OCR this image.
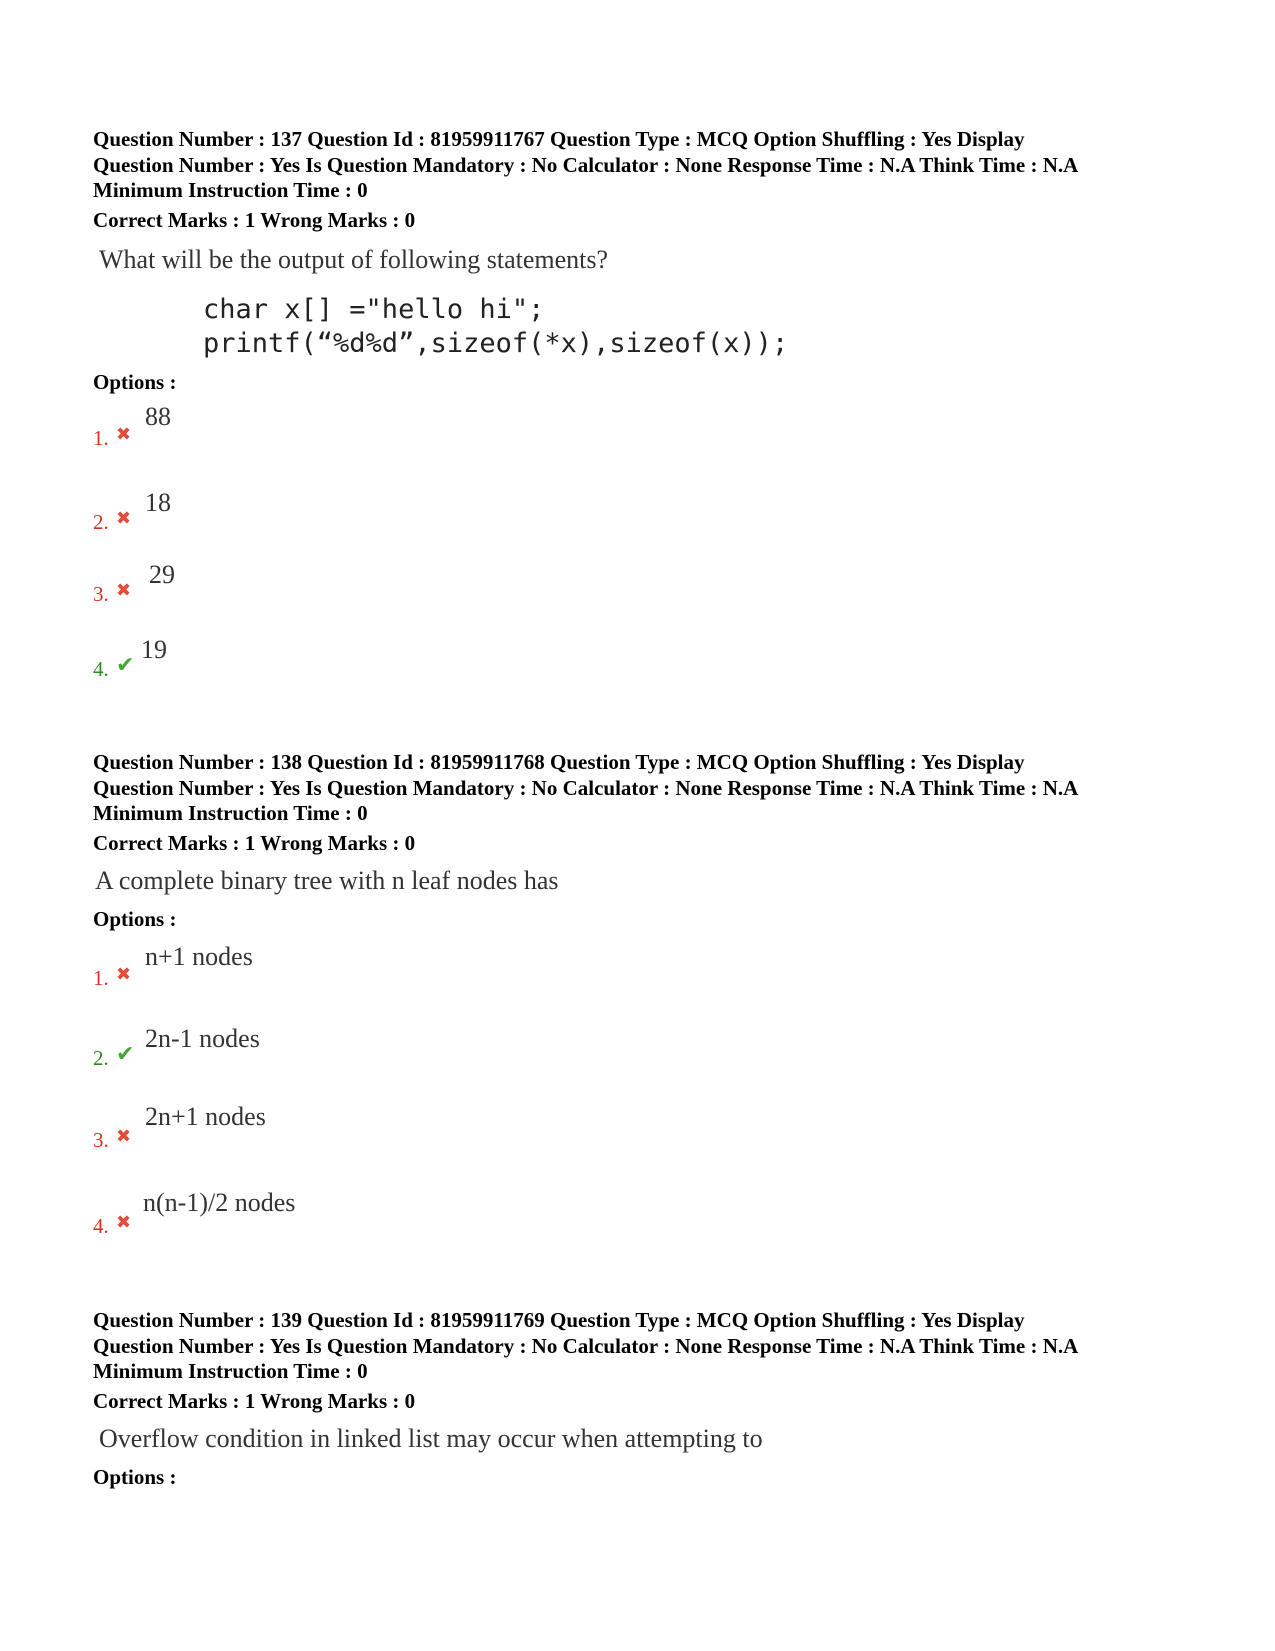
Question Number : 137 Question Id : 81959911767 Question Type : MCQ Option Shuffling : Yes Display
Question Number : Yes Is Question Mandatory : No Calculator : None Response Time : N.A Think Time : N.A
Minimum Instruction Time : 0
Correct Marks : 1 Wrong Marks : 0
What will be the output of following statements?
char x[] ="hello hi";
printf(“%d%d”,sizeof(*x),sizeof(x));
Options :
1. ✖
88
2. ✖
18
3. ✖
29
4. ✔
19
Question Number : 138 Question Id : 81959911768 Question Type : MCQ Option Shuffling : Yes Display
Question Number : Yes Is Question Mandatory : No Calculator : None Response Time : N.A Think Time : N.A
Minimum Instruction Time : 0
Correct Marks : 1 Wrong Marks : 0
A complete binary tree with n leaf nodes has
Options :
1. ✖
n+1 nodes
2. ✔
2n-1 nodes
3. ✖
2n+1 nodes
4. ✖
n(n-1)/2 nodes
Question Number : 139 Question Id : 81959911769 Question Type : MCQ Option Shuffling : Yes Display
Question Number : Yes Is Question Mandatory : No Calculator : None Response Time : N.A Think Time : N.A
Minimum Instruction Time : 0
Correct Marks : 1 Wrong Marks : 0
Overflow condition in linked list may occur when attempting to
Options :
